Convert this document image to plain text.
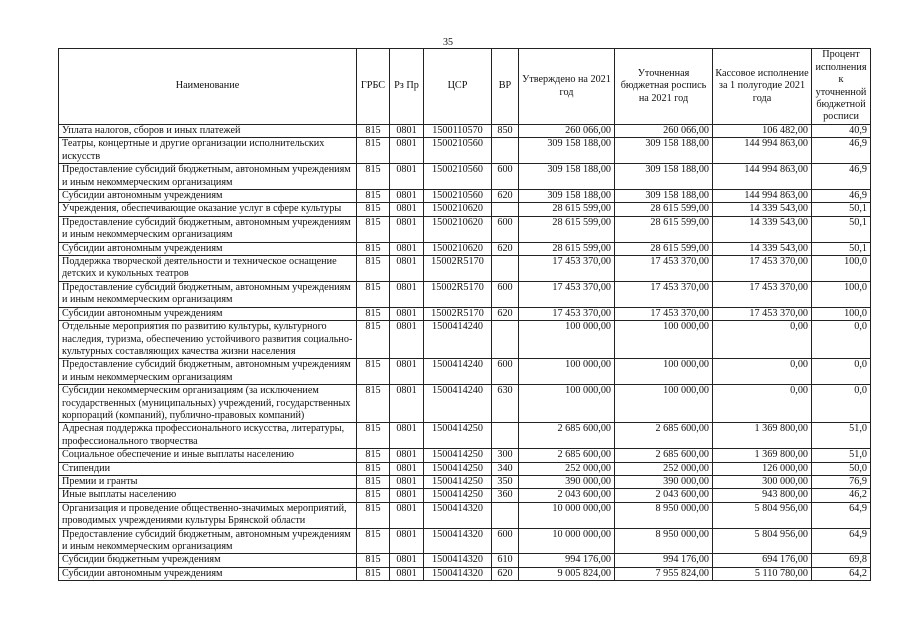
35
Наименование	ГРБС	Рз Пр	ЦСР	ВР	Утверждено на 2021 год	Уточненная бюджетная роспись на 2021 год	Кассовое исполнение за 1 полугодие 2021 года	Процент исполнения к уточненной бюджетной росписи
Уплата налогов, сборов и иных платежей	815	0801	1500110570	850	260 066,00	260 066,00	106 482,00	40,9
Театры, концертные и другие организации исполнительских искусств	815	0801	1500210560		309 158 188,00	309 158 188,00	144 994 863,00	46,9
Предоставление субсидий бюджетным, автономным учреждениям и иным некоммерческим организациям	815	0801	1500210560	600	309 158 188,00	309 158 188,00	144 994 863,00	46,9
Субсидии автономным учреждениям	815	0801	1500210560	620	309 158 188,00	309 158 188,00	144 994 863,00	46,9
Учреждения, обеспечивающие оказание услуг в сфере культуры	815	0801	1500210620		28 615 599,00	28 615 599,00	14 339 543,00	50,1
Предоставление субсидий бюджетным, автономным учреждениям и иным некоммерческим организациям	815	0801	1500210620	600	28 615 599,00	28 615 599,00	14 339 543,00	50,1
Субсидии автономным учреждениям	815	0801	1500210620	620	28 615 599,00	28 615 599,00	14 339 543,00	50,1
Поддержка творческой деятельности и техническое оснащение детских и кукольных театров	815	0801	15002R5170		17 453 370,00	17 453 370,00	17 453 370,00	100,0
Предоставление субсидий бюджетным, автономным учреждениям и иным некоммерческим организациям	815	0801	15002R5170	600	17 453 370,00	17 453 370,00	17 453 370,00	100,0
Субсидии автономным учреждениям	815	0801	15002R5170	620	17 453 370,00	17 453 370,00	17 453 370,00	100,0
Отдельные мероприятия по развитию культуры, культурного наследия, туризма, обеспечению устойчивого развития социально-культурных составляющих качества жизни населения	815	0801	1500414240		100 000,00	100 000,00	0,00	0,0
Предоставление субсидий бюджетным, автономным учреждениям и иным некоммерческим организациям	815	0801	1500414240	600	100 000,00	100 000,00	0,00	0,0
Субсидии некоммерческим организациям (за исключением государственных (муниципальных) учреждений, государственных корпораций (компаний), публично-правовых компаний)	815	0801	1500414240	630	100 000,00	100 000,00	0,00	0,0
Адресная поддержка профессионального искусства, литературы, профессионального творчества	815	0801	1500414250		2 685 600,00	2 685 600,00	1 369 800,00	51,0
Социальное обеспечение и иные выплаты населению	815	0801	1500414250	300	2 685 600,00	2 685 600,00	1 369 800,00	51,0
Стипендии	815	0801	1500414250	340	252 000,00	252 000,00	126 000,00	50,0
Премии и гранты	815	0801	1500414250	350	390 000,00	390 000,00	300 000,00	76,9
Иные выплаты населению	815	0801	1500414250	360	2 043 600,00	2 043 600,00	943 800,00	46,2
Организация и проведение общественно-значимых мероприятий, проводимых учреждениями культуры Брянской области	815	0801	1500414320		10 000 000,00	8 950 000,00	5 804 956,00	64,9
Предоставление субсидий бюджетным, автономным учреждениям и иным некоммерческим организациям	815	0801	1500414320	600	10 000 000,00	8 950 000,00	5 804 956,00	64,9
Субсидии бюджетным учреждениям	815	0801	1500414320	610	994 176,00	994 176,00	694 176,00	69,8
Субсидии автономным учреждениям	815	0801	1500414320	620	9 005 824,00	7 955 824,00	5 110 780,00	64,2
